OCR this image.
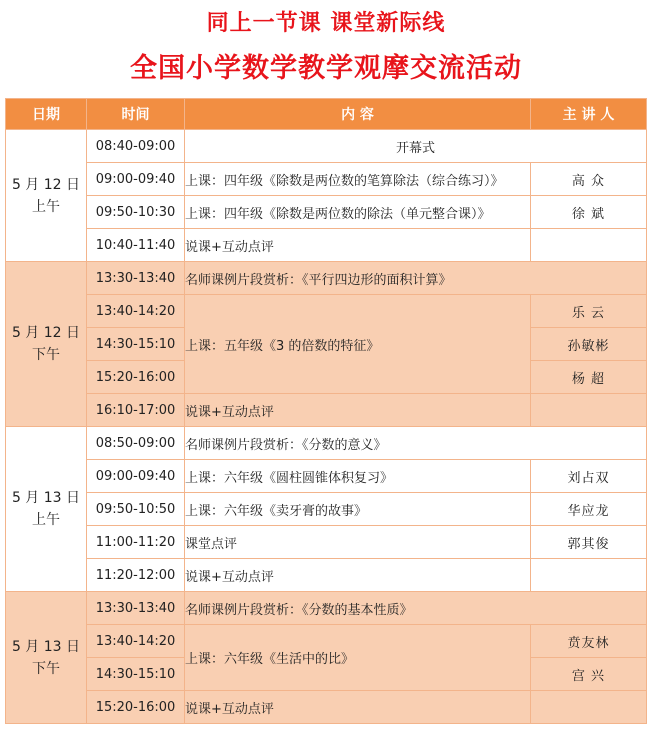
同上一节课 课堂新际线
全国小学数学教学观摩交流活动
日期	时间	内 容	主 讲 人

5 月 12 日
上午	08:40-09:00	开幕式	
	09:00-09:40	上课：四年级《除数是两位数的笔算除法（综合练习）》	高 众
	09:50-10:30	上课：四年级《除数是两位数的除法（单元整合课）》	徐 斌
	10:40-11:40	说课+互动点评	

5 月 12 日
下午	13:30-13:40	名师课例片段赏析：《平行四边形的面积计算》	
	13:40-14:20	上课：五年级《3 的倍数的特征》	乐 云
	14:30-15:10		孙敏彬
	15:20-16:00		杨 超
	16:10-17:00	说课+互动点评	

5 月 13 日
上午	08:50-09:00	名师课例片段赏析：《分数的意义》	
	09:00-09:40	上课：六年级《圆柱圆锥体积复习》	刘占双
	09:50-10:50	上课：六年级《卖牙膏的故事》	华应龙
	11:00-11:20	课堂点评	郭其俊
	11:20-12:00	说课+互动点评	

5 月 13 日
下午	13:30-13:40	名师课例片段赏析：《分数的基本性质》	
	13:40-14:20	上课：六年级《生活中的比》	贲友林
	14:30-15:10		宫 兴
	15:20-16:00	说课+互动点评	
